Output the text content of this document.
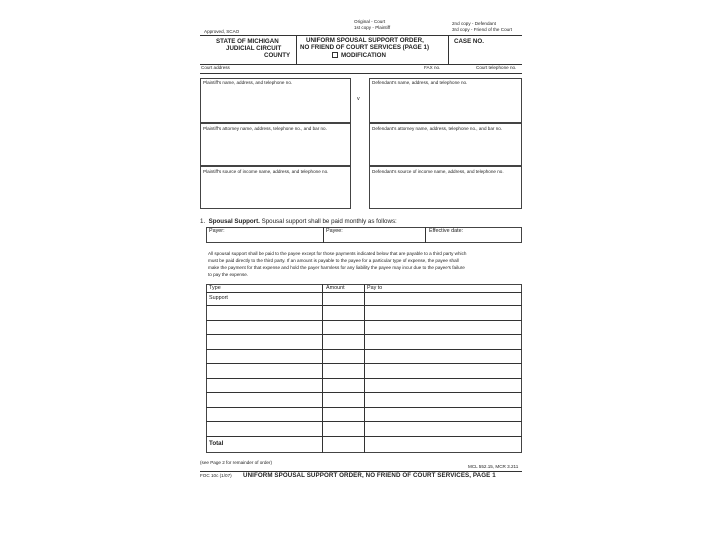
Approved, SCAO
Original - Court
1st copy - Plaintiff
2nd copy - Defendant
3rd copy - Friend of the Court
STATE OF MICHIGAN
JUDICIAL CIRCUIT
COUNTY
UNIFORM SPOUSAL SUPPORT ORDER,
NO FRIEND OF COURT SERVICES (PAGE 1)
MODIFICATION
CASE NO.
Court address	FAX no.	Court telephone no.
Plaintiff's name, address, and telephone no.	Defendant's name, address, and telephone no.
v
Plaintiff's attorney name, address, telephone no., and bar no.	Defendant's attorney name, address, telephone no., and bar no.
Plaintiff's source of income name, address, and telephone no.	Defendant's source of income name, address, and telephone no.
1. Spousal Support. Spousal support shall be paid monthly as follows:
Payer:	Payee:	Effective date:
All spousal support shall be paid to the payee except for those payments indicated below that are payable to a third party which
must be paid directly to the third party. If an amount is payable to the payee for a particular type of expense, the payee shall
make the payment for that expense and hold the payer harmless for any liability the payee may incur due to the payee's failure
to pay the expense.
Type	Amount	Pay to
Support
Total
(see Page 2 for remainder of order)
MCL 552.15, MCR 3.211
FOC 10c (1/07) UNIFORM SPOUSAL SUPPORT ORDER, NO FRIEND OF COURT SERVICES, PAGE 1
